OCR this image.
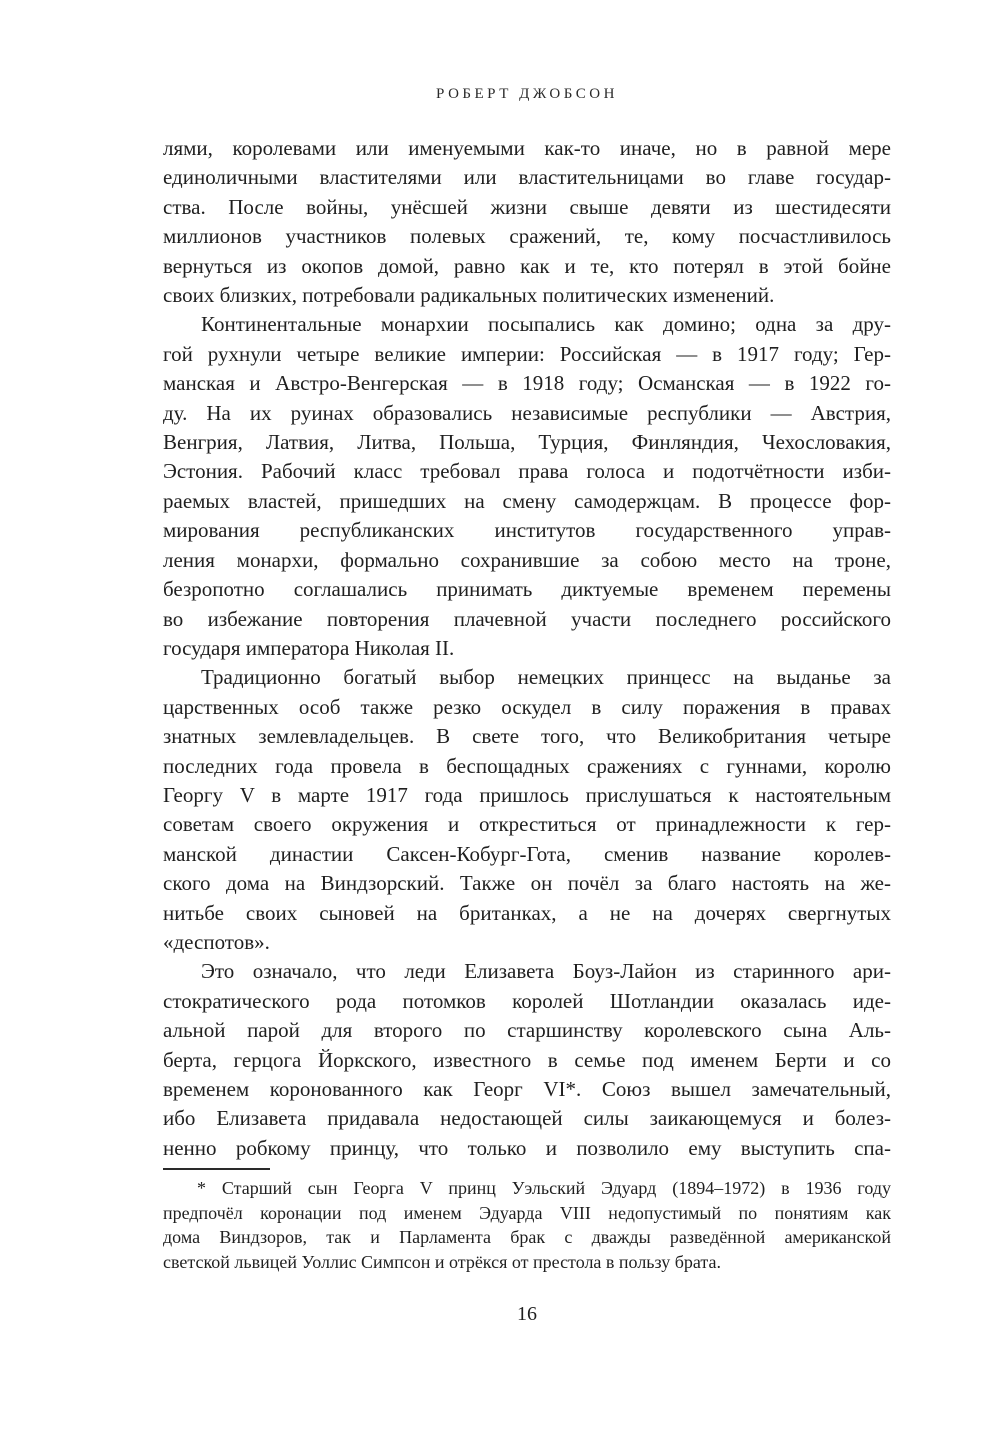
РОБЕРТ ДЖОБСОН
лями, королевами или именуемыми как-то иначе, но в равной мере
единоличными властителями или властительницами во главе государ-
ства. После войны, унёсшей жизни свыше девяти из шестидесяти
миллионов участников полевых сражений, те, кому посчастливилось
вернуться из окопов домой, равно как и те, кто потерял в этой бойне
своих близких, потребовали радикальных политических изменений.
Континентальные монархии посыпались как домино; одна за дру-
гой рухнули четыре великие империи: Российская — в 1917 году; Гер-
манская и Австро-Венгерская — в 1918 году; Османская — в 1922 го-
ду. На их руинах образовались независимые республики — Австрия,
Венгрия, Латвия, Литва, Польша, Турция, Финляндия, Чехословакия,
Эстония. Рабочий класс требовал права голоса и подотчётности изби-
раемых властей, пришедших на смену самодержцам. В процессе фор-
мирования республиканских институтов государственного управ-
ления монархи, формально сохранившие за собою место на троне,
безропотно соглашались принимать диктуемые временем перемены
во избежание повторения плачевной участи последнего российского
государя императора Николая II.
Традиционно богатый выбор немецких принцесс на выданье за
царственных особ также резко оскудел в силу поражения в правах
знатных землевладельцев. В свете того, что Великобритания четыре
последних года провела в беспощадных сражениях с гуннами, королю
Георгу V в марте 1917 года пришлось прислушаться к настоятельным
советам своего окружения и откреститься от принадлежности к гер-
манской династии Саксен-Кобург-Гота, сменив название королев-
ского дома на Виндзорский. Также он почёл за благо настоять на же-
нитьбе своих сыновей на британках, а не на дочерях свергнутых
«деспотов».
Это означало, что леди Елизавета Боуз-Лайон из старинного ари-
стократического рода потомков королей Шотландии оказалась иде-
альной парой для второго по старшинству королевского сына Аль-
берта, герцога Йоркского, известного в семье под именем Берти и со
временем коронованного как Георг VI*. Союз вышел замечательный,
ибо Елизавета придавала недостающей силы заикающемуся и болез-
ненно робкому принцу, что только и позволило ему выступить спа-
* Старший сын Георга V принц Уэльский Эдуард (1894–1972) в 1936 году
предпочёл коронации под именем Эдуарда VIII недопустимый по понятиям как
дома Виндзоров, так и Парламента брак с дважды разведённой американской
светской львицей Уоллис Симпсон и отрёкся от престола в пользу брата.
16
